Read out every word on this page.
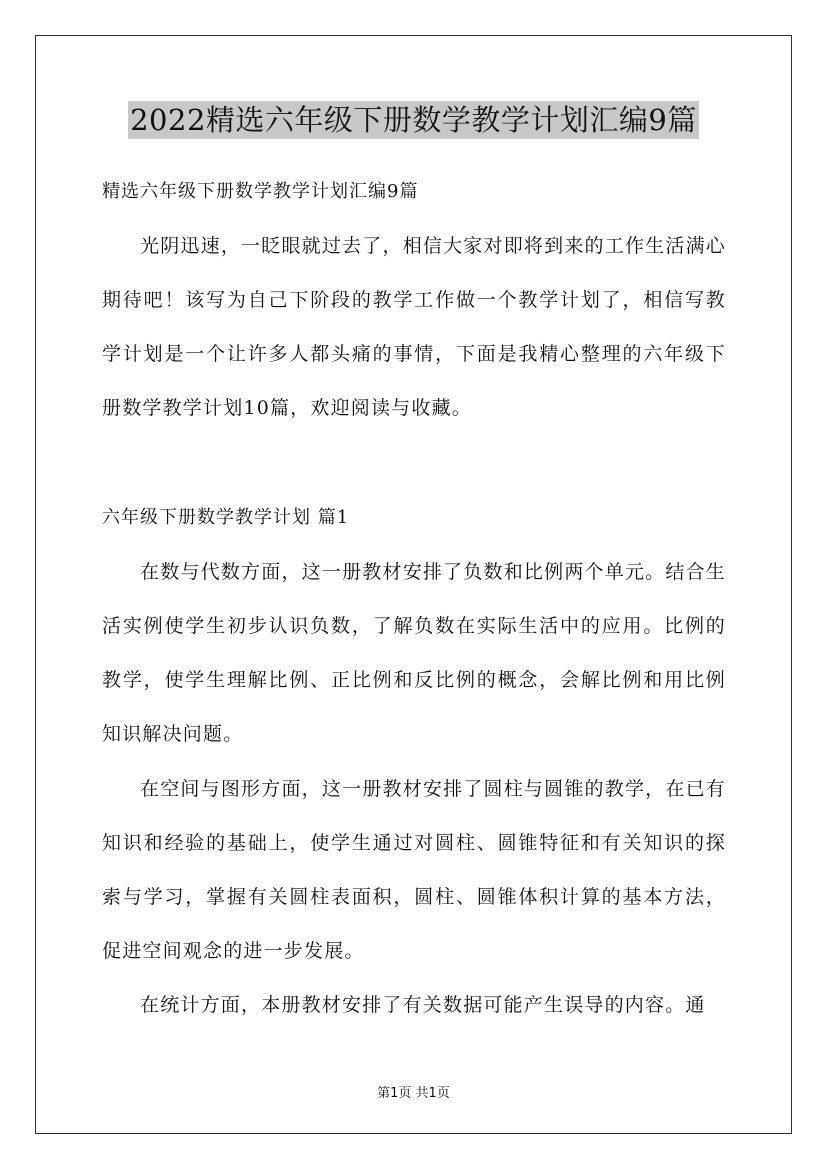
2022精选六年级下册数学教学计划汇编9篇
精选六年级下册数学教学计划汇编9篇
光阴迅速，一眨眼就过去了，相信大家对即将到来的工作生活满心期待吧！该写为自己下阶段的教学工作做一个教学计划了，相信写教学计划是一个让许多人都头痛的事情，下面是我精心整理的六年级下册数学教学计划10篇，欢迎阅读与收藏。
六年级下册数学教学计划 篇1
在数与代数方面，这一册教材安排了负数和比例两个单元。结合生活实例使学生初步认识负数，了解负数在实际生活中的应用。比例的教学，使学生理解比例、正比例和反比例的概念，会解比例和用比例知识解决问题。
在空间与图形方面，这一册教材安排了圆柱与圆锥的教学，在已有知识和经验的基础上，使学生通过对圆柱、圆锥特征和有关知识的探索与学习，掌握有关圆柱表面积，圆柱、圆锥体积计算的基本方法，促进空间观念的进一步发展。
在统计方面，本册教材安排了有关数据可能产生误导的内容。通
第1页 共1页
